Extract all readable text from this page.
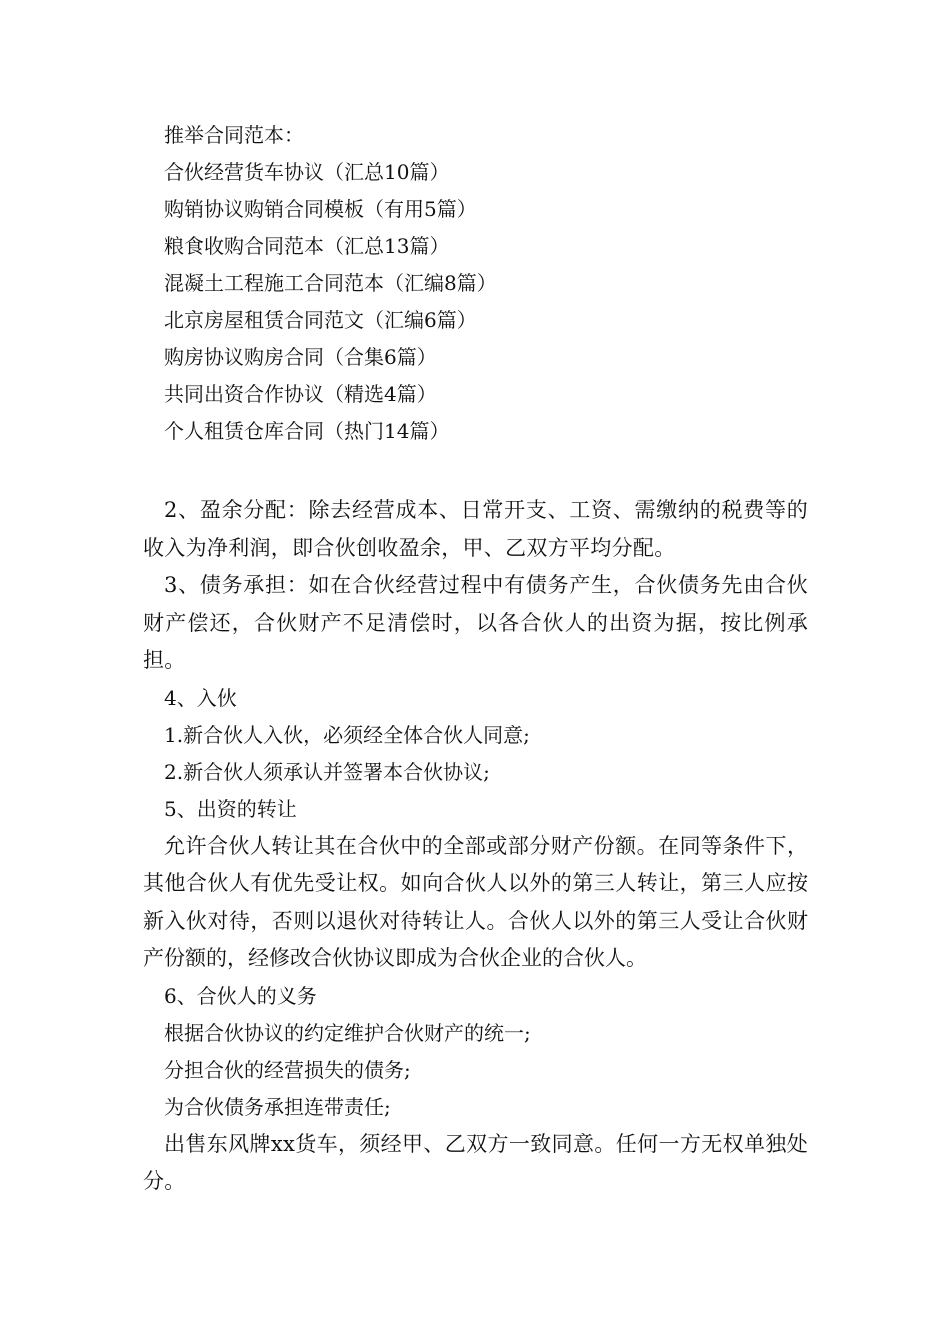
推举合同范本：
合伙经营货车协议（汇总10篇）
购销协议购销合同模板（有用5篇）
粮食收购合同范本（汇总13篇）
混凝土工程施工合同范本（汇编8篇）
北京房屋租赁合同范文（汇编6篇）
购房协议购房合同（合集6篇）
共同出资合作协议（精选4篇）
个人租赁仓库合同（热门14篇）

2、盈余分配：除去经营成本、日常开支、工资、需缴纳的税费等的收入为净利润，即合伙创收盈余，甲、乙双方平均分配。

3、债务承担：如在合伙经营过程中有债务产生，合伙债务先由合伙财产偿还，合伙财产不足清偿时，以各合伙人的出资为据，按比例承担。

4、入伙

1.新合伙人入伙，必须经全体合伙人同意;

2.新合伙人须承认并签署本合伙协议;

5、出资的转让

允许合伙人转让其在合伙中的全部或部分财产份额。在同等条件下，其他合伙人有优先受让权。如向合伙人以外的第三人转让，第三人应按新入伙对待，否则以退伙对待转让人。合伙人以外的第三人受让合伙财产份额的，经修改合伙协议即成为合伙企业的合伙人。

6、合伙人的义务

根据合伙协议的约定维护合伙财产的统一;

分担合伙的经营损失的债务;

为合伙债务承担连带责任;

出售东风牌xx货车，须经甲、乙双方一致同意。任何一方无权单独处分。
